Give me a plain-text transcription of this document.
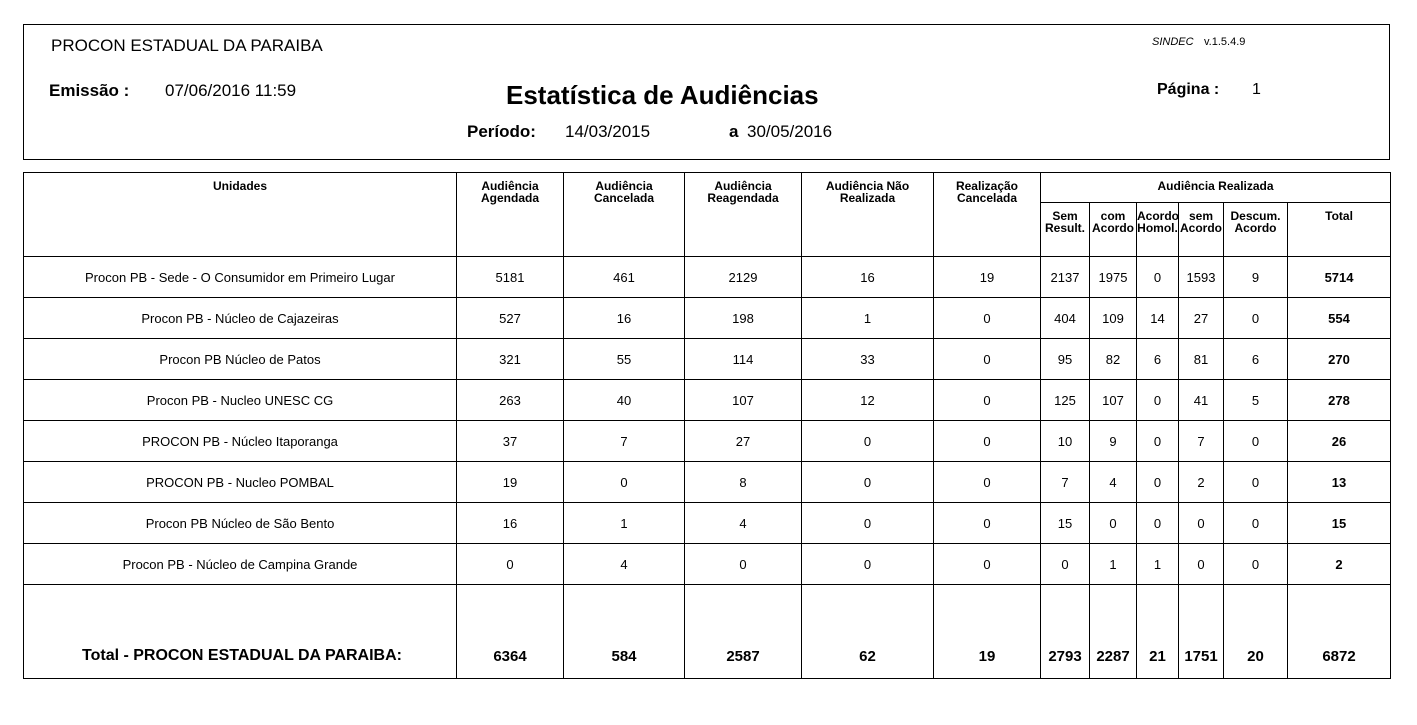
PROCON ESTADUAL DA PARAIBA
Emissão : 07/06/2016 11:59	Estatística de Audiências
Período: 14/03/2015	a 30/05/2016
SINDEC v.1.5.4.9
Página : 1
Unidades	Audiência Agendada	Audiência Cancelada	Audiência Reagendada	Audiência Não Realizada	Realização Cancelada	Audiência Realizada					
						Sem Result.	com Acordo	Acordo Homol.	sem Acordo	Descum. Acordo	Total
Procon PB - Sede - O Consumidor em Primeiro Lugar	5181	461	2129	16	19	2137	1975	0	1593	9	5714
Procon PB - Núcleo de Cajazeiras	527	16	198	1	0	404	109	14	27	0	554
Procon PB Núcleo de Patos	321	55	114	33	0	95	82	6	81	6	270
Procon PB - Nucleo UNESC CG	263	40	107	12	0	125	107	0	41	5	278
PROCON PB - Núcleo Itaporanga	37	7	27	0	0	10	9	0	7	0	26
PROCON PB - Nucleo POMBAL	19	0	8	0	0	7	4	0	2	0	13
Procon PB Núcleo de São Bento	16	1	4	0	0	15	0	0	0	0	15
Procon PB - Núcleo de Campina Grande	0	4	0	0	0	0	1	1	0	0	2
Total - PROCON ESTADUAL DA PARAIBA:	6364	584	2587	62	19	2793	2287	21	1751	20	6872
